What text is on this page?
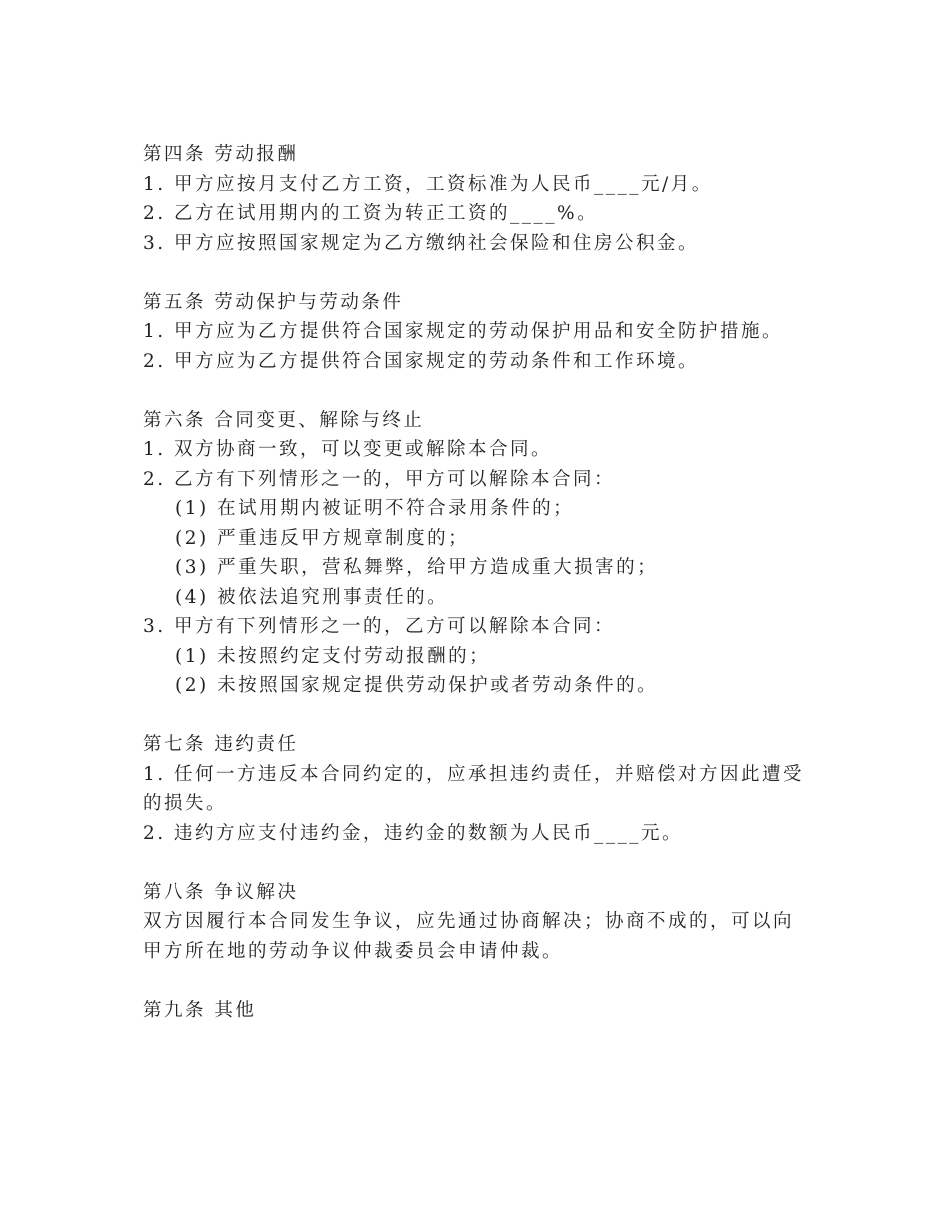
第四条 劳动报酬
1. 甲方应按月支付乙方工资，工资标准为人民币____元/月。
2. 乙方在试用期内的工资为转正工资的____%。
3. 甲方应按照国家规定为乙方缴纳社会保险和住房公积金。
第五条 劳动保护与劳动条件
1. 甲方应为乙方提供符合国家规定的劳动保护用品和安全防护措施。
2. 甲方应为乙方提供符合国家规定的劳动条件和工作环境。
第六条 合同变更、解除与终止
1. 双方协商一致，可以变更或解除本合同。
2. 乙方有下列情形之一的，甲方可以解除本合同：
(1) 在试用期内被证明不符合录用条件的；
(2) 严重违反甲方规章制度的；
(3) 严重失职，营私舞弊，给甲方造成重大损害的；
(4) 被依法追究刑事责任的。
3. 甲方有下列情形之一的，乙方可以解除本合同：
(1) 未按照约定支付劳动报酬的；
(2) 未按照国家规定提供劳动保护或者劳动条件的。
第七条 违约责任
1. 任何一方违反本合同约定的，应承担违约责任，并赔偿对方因此遭受的损失。
2. 违约方应支付违约金，违约金的数额为人民币____元。
第八条 争议解决
双方因履行本合同发生争议，应先通过协商解决；协商不成的，可以向甲方所在地的劳动争议仲裁委员会申请仲裁。
第九条 其他
